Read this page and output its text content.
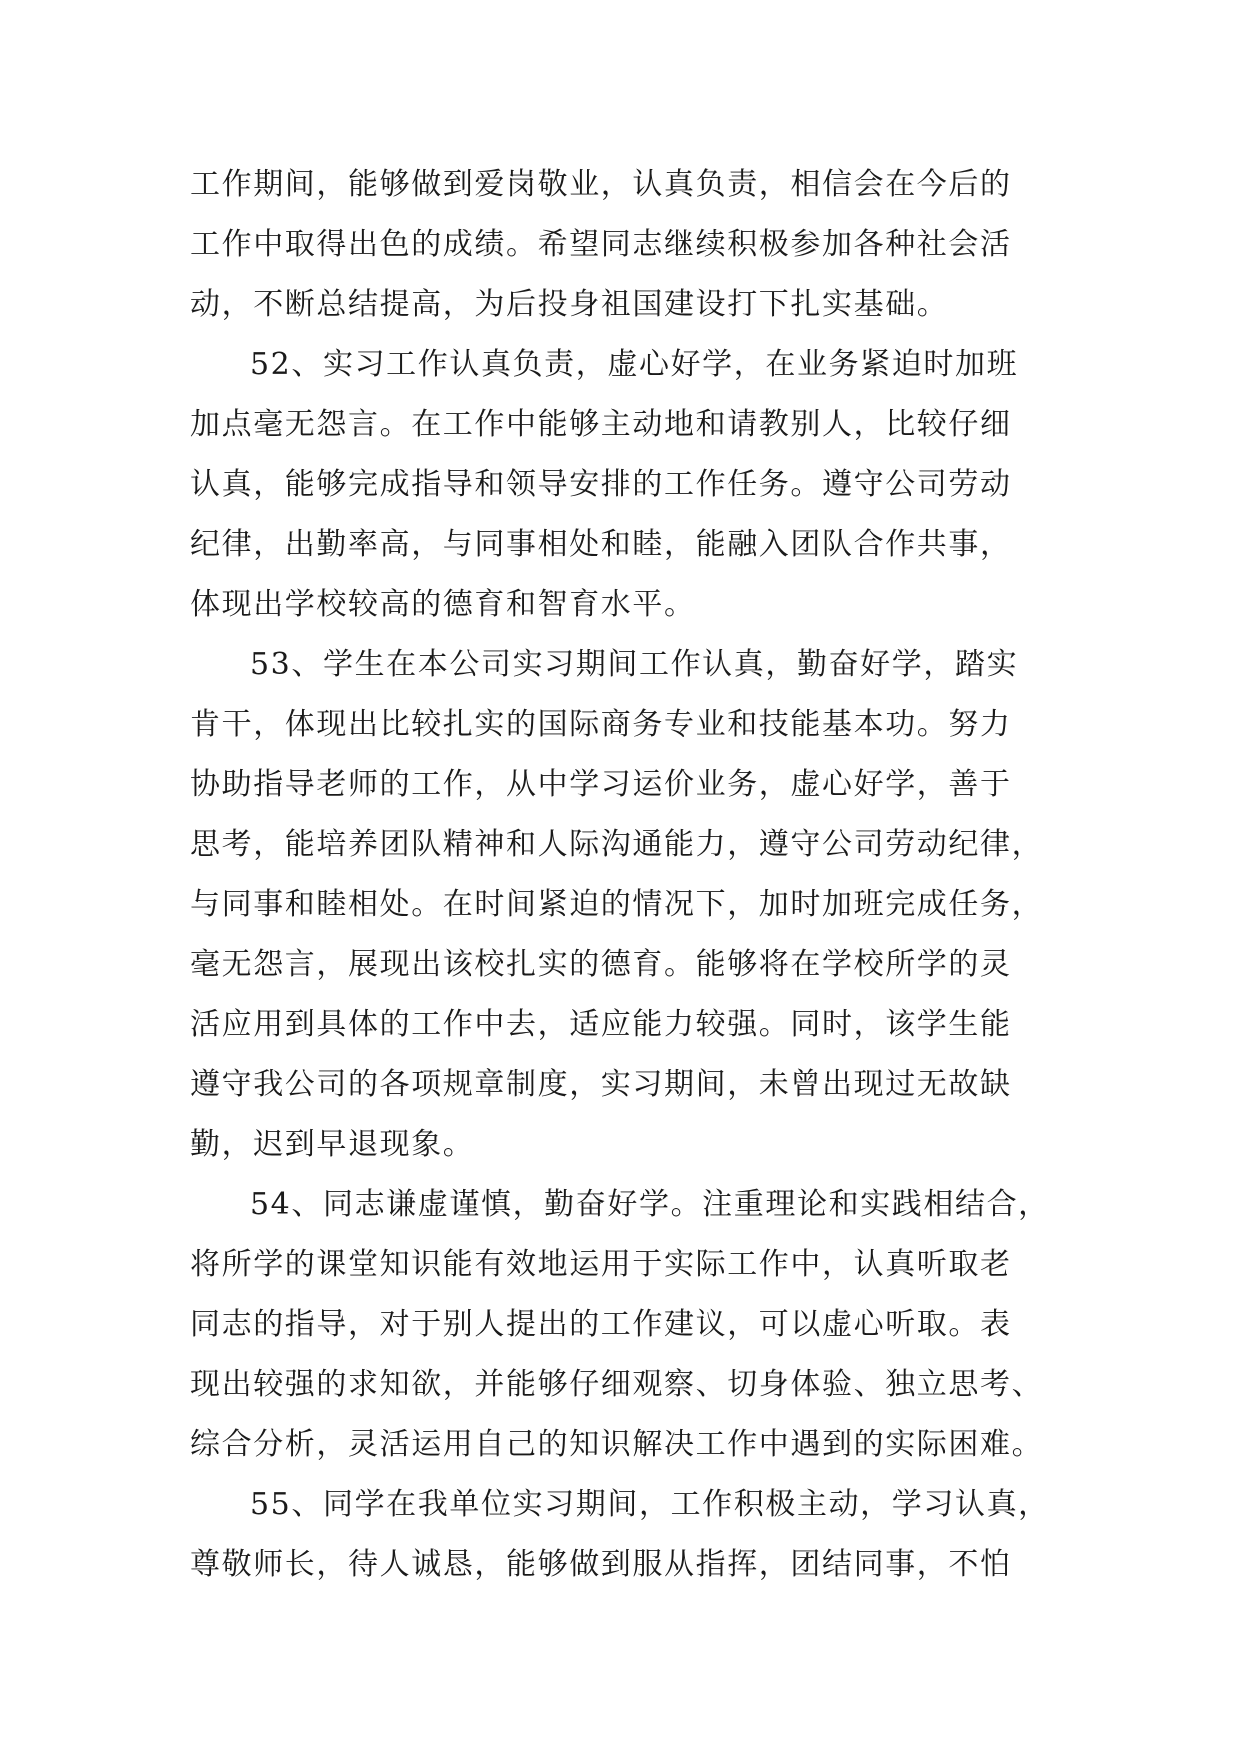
工作期间，能够做到爱岗敬业，认真负责，相信会在今后的

工作中取得出色的成绩。希望同志继续积极参加各种社会活

动，不断总结提高，为后投身祖国建设打下扎实基础。

52、实习工作认真负责，虚心好学，在业务紧迫时加班

加点毫无怨言。在工作中能够主动地和请教别人，比较仔细

认真，能够完成指导和领导安排的工作任务。遵守公司劳动

纪律，出勤率高，与同事相处和睦，能融入团队合作共事，

体现出学校较高的德育和智育水平。

53、学生在本公司实习期间工作认真，勤奋好学，踏实

肯干，体现出比较扎实的国际商务专业和技能基本功。努力

协助指导老师的工作，从中学习运价业务，虚心好学，善于

思考，能培养团队精神和人际沟通能力，遵守公司劳动纪律，

与同事和睦相处。在时间紧迫的情况下，加时加班完成任务，

毫无怨言，展现出该校扎实的德育。能够将在学校所学的灵

活应用到具体的工作中去，适应能力较强。同时，该学生能

遵守我公司的各项规章制度，实习期间，未曾出现过无故缺

勤，迟到早退现象。

54、同志谦虚谨慎，勤奋好学。注重理论和实践相结合，

将所学的课堂知识能有效地运用于实际工作中，认真听取老

同志的指导，对于别人提出的工作建议，可以虚心听取。表

现出较强的求知欲，并能够仔细观察、切身体验、独立思考、

综合分析，灵活运用自己的知识解决工作中遇到的实际困难。

55、同学在我单位实习期间，工作积极主动，学习认真，

尊敬师长，待人诚恳，能够做到服从指挥，团结同事，不怕
